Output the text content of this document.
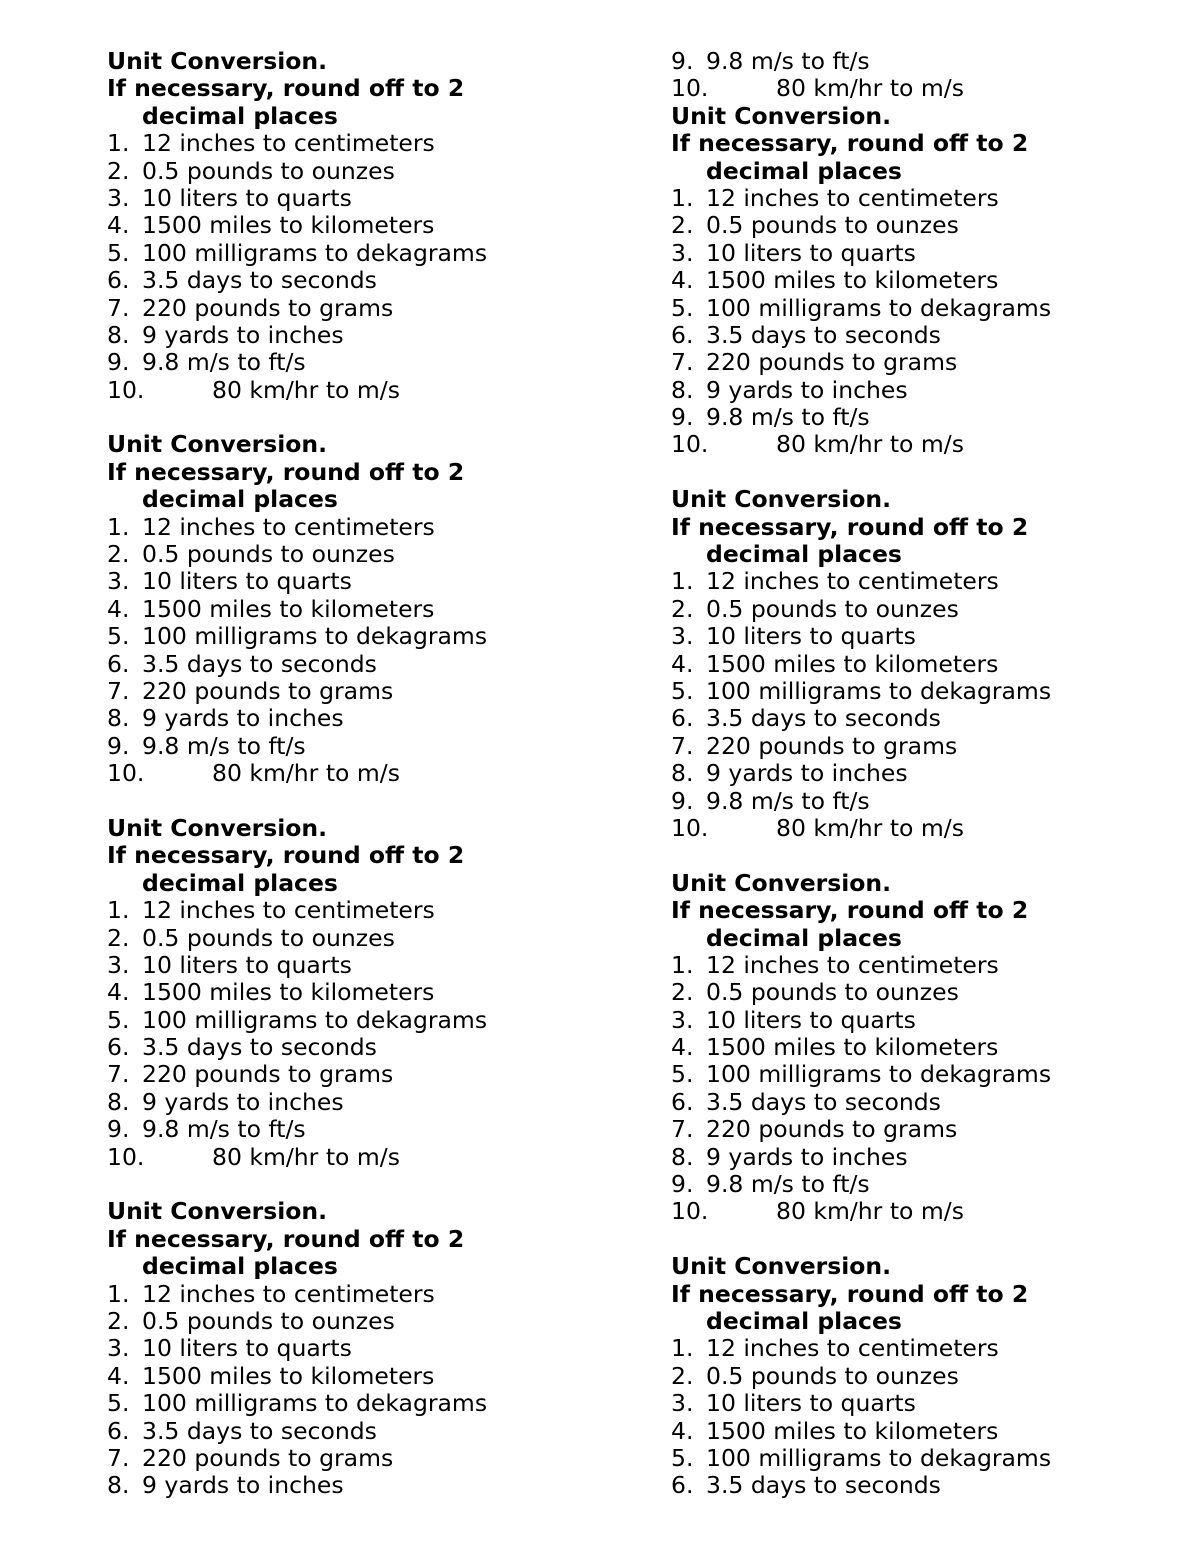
Unit Conversion.
If necessary, round off to 2
decimal places
1. 12 inches to centimeters
2. 0.5 pounds to ounzes
3. 10 liters to quarts
4. 1500 miles to kilometers
5. 100 milligrams to dekagrams
6. 3.5 days to seconds
7. 220 pounds to grams
8. 9 yards to inches
9. 9.8 m/s to ft/s
10.	80 km/hr to m/s
Unit Conversion.
If necessary, round off to 2
decimal places
1. 12 inches to centimeters
2. 0.5 pounds to ounzes
3. 10 liters to quarts
4. 1500 miles to kilometers
5. 100 milligrams to dekagrams
6. 3.5 days to seconds
7. 220 pounds to grams
8. 9 yards to inches
9. 9.8 m/s to ft/s
10.	80 km/hr to m/s
Unit Conversion.
If necessary, round off to 2
decimal places
1. 12 inches to centimeters
2. 0.5 pounds to ounzes
3. 10 liters to quarts
4. 1500 miles to kilometers
5. 100 milligrams to dekagrams
6. 3.5 days to seconds
7. 220 pounds to grams
8. 9 yards to inches
9. 9.8 m/s to ft/s
10.	80 km/hr to m/s
Unit Conversion.
If necessary, round off to 2
decimal places
1. 12 inches to centimeters
2. 0.5 pounds to ounzes
3. 10 liters to quarts
4. 1500 miles to kilometers
5. 100 milligrams to dekagrams
6. 3.5 days to seconds
7. 220 pounds to grams
8. 9 yards to inches
9. 9.8 m/s to ft/s
10.	80 km/hr to m/s
Unit Conversion.
If necessary, round off to 2
decimal places
1. 12 inches to centimeters
2. 0.5 pounds to ounzes
3. 10 liters to quarts
4. 1500 miles to kilometers
5. 100 milligrams to dekagrams
6. 3.5 days to seconds
7. 220 pounds to grams
8. 9 yards to inches
9. 9.8 m/s to ft/s
10.	80 km/hr to m/s
Unit Conversion.
If necessary, round off to 2
decimal places
1. 12 inches to centimeters
2. 0.5 pounds to ounzes
3. 10 liters to quarts
4. 1500 miles to kilometers
5. 100 milligrams to dekagrams
6. 3.5 days to seconds
7. 220 pounds to grams
8. 9 yards to inches
9. 9.8 m/s to ft/s
10.	80 km/hr to m/s
Unit Conversion.
If necessary, round off to 2
decimal places
1. 12 inches to centimeters
2. 0.5 pounds to ounzes
3. 10 liters to quarts
4. 1500 miles to kilometers
5. 100 milligrams to dekagrams
6. 3.5 days to seconds
7. 220 pounds to grams
8. 9 yards to inches
9. 9.8 m/s to ft/s
10.	80 km/hr to m/s
Unit Conversion.
If necessary, round off to 2
decimal places
1. 12 inches to centimeters
2. 0.5 pounds to ounzes
3. 10 liters to quarts
4. 1500 miles to kilometers
5. 100 milligrams to dekagrams
6. 3.5 days to seconds
